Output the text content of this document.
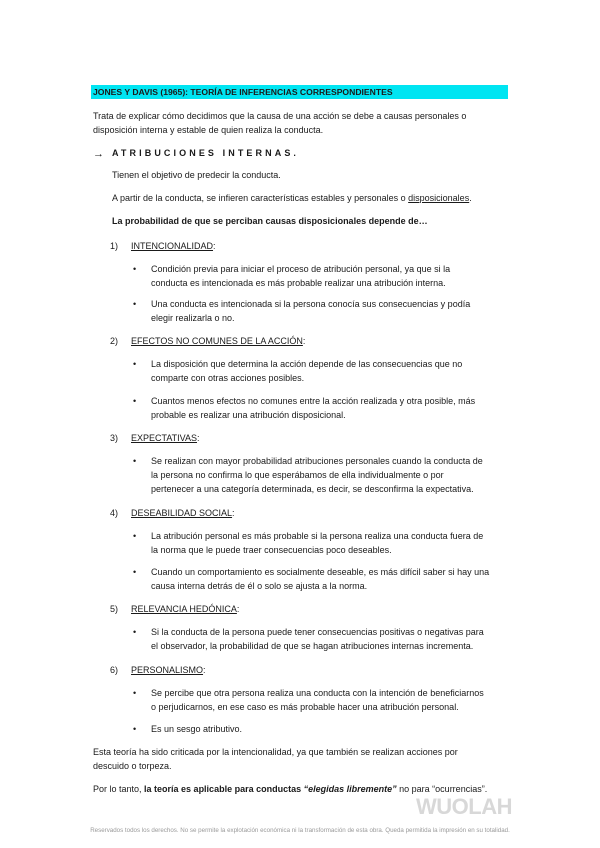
JONES Y DAVIS (1965): TEORÍA DE INFERENCIAS CORRESPONDIENTES
Trata de explicar cómo decidimos que la causa de una acción se debe a causas personales o
disposición interna y estable de quien realiza la conducta.
→ ATRIBUCIONES INTERNAS.
Tienen el objetivo de predecir la conducta.
A partir de la conducta, se infieren características estables y personales o disposicionales.
La probabilidad de que se perciban causas disposicionales depende de…
1) INTENCIONALIDAD:
• Condición previa para iniciar el proceso de atribución personal, ya que si la
conducta es intencionada es más probable realizar una atribución interna.
• Una conducta es intencionada si la persona conocía sus consecuencias y podía
elegir realizarla o no.
2) EFECTOS NO COMUNES DE LA ACCIÓN:
• La disposición que determina la acción depende de las consecuencias que no
comparte con otras acciones posibles.
• Cuantos menos efectos no comunes entre la acción realizada y otra posible, más
probable es realizar una atribución disposicional.
3) EXPECTATIVAS:
• Se realizan con mayor probabilidad atribuciones personales cuando la conducta de
la persona no confirma lo que esperábamos de ella individualmente o por
pertenecer a una categoría determinada, es decir, se desconfirma la expectativa.
4) DESEABILIDAD SOCIAL:
• La atribución personal es más probable si la persona realiza una conducta fuera de
la norma que le puede traer consecuencias poco deseables.
• Cuando un comportamiento es socialmente deseable, es más difícil saber si hay una
causa interna detrás de él o solo se ajusta a la norma.
5) RELEVANCIA HEDÓNICA:
• Si la conducta de la persona puede tener consecuencias positivas o negativas para
el observador, la probabilidad de que se hagan atribuciones internas incrementa.
6) PERSONALISMO:
• Se percibe que otra persona realiza una conducta con la intención de beneficiarnos
o perjudicarnos, en ese caso es más probable hacer una atribución personal.
• Es un sesgo atributivo.
Esta teoría ha sido criticada por la intencionalidad, ya que también se realizan acciones por
descuido o torpeza.
Por lo tanto, la teoría es aplicable para conductas “elegidas libremente” no para “ocurrencias”.
WUOLAH
Reservados todos los derechos. No se permite la explotación económica ni la transformación de esta obra. Queda permitida la impresión en su totalidad.
